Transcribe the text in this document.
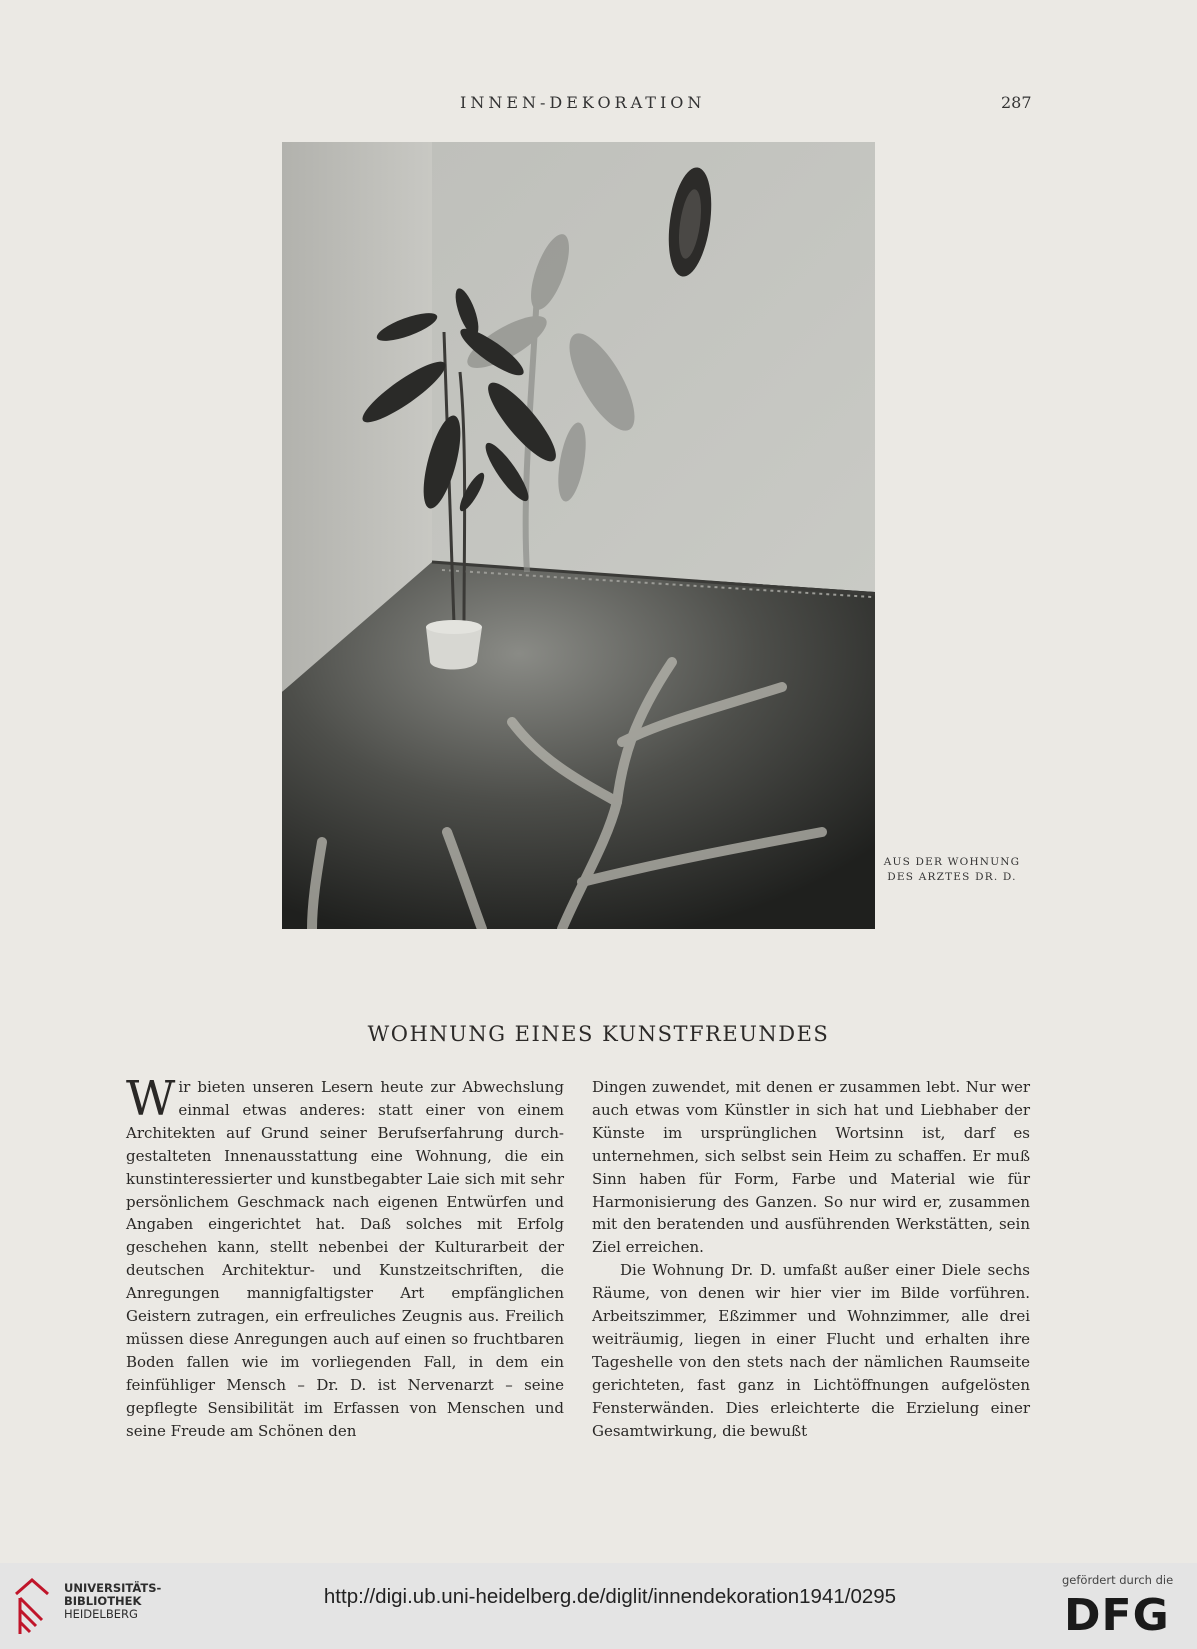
INNEN-DEKORATION	287
AUS DER WOHNUNG
DES ARZTES DR. D.
WOHNUNG EINES KUNSTFREUNDES

Wir bieten unseren Lesern heute zur Abwechslung einmal etwas anderes: statt einer von einem Architekten auf Grund seiner Berufserfahrung durchgestalteten Innenausstattung eine Wohnung, die ein kunstinteressierter und kunstbegabter Laie sich mit sehr persönlichem Geschmack nach eigenen Entwürfen und Angaben eingerichtet hat. Daß solches mit Erfolg geschehen kann, stellt nebenbei der Kulturarbeit der deutschen Architektur- und Kunstzeitschriften, die Anregungen mannigfaltigster Art empfänglichen Geistern zutragen, ein erfreuliches Zeugnis aus. Freilich müssen diese Anregungen auch auf einen so fruchtbaren Boden fallen wie im vorliegenden Fall, in dem ein feinfühliger Mensch – Dr. D. ist Nervenarzt – seine gepflegte Sensibilität im Erfassen von Menschen und seine Freude am Schönen den

Dingen zuwendet, mit denen er zusammen lebt. Nur wer auch etwas vom Künstler in sich hat und Liebhaber der Künste im ursprünglichen Wortsinn ist, darf es unternehmen, sich selbst sein Heim zu schaffen. Er muß Sinn haben für Form, Farbe und Material wie für Harmonisierung des Ganzen. So nur wird er, zusammen mit den beratenden und ausführenden Werkstätten, sein Ziel erreichen.

Die Wohnung Dr. D. umfaßt außer einer Diele sechs Räume, von denen wir hier vier im Bilde vorführen. Arbeitszimmer, Eßzimmer und Wohnzimmer, alle drei weiträumig, liegen in einer Flucht und erhalten ihre Tageshelle von den stets nach der nämlichen Raumseite gerichteten, fast ganz in Lichtöffnungen aufgelösten Fensterwänden. Dies erleichterte die Erzielung einer Gesamtwirkung, die bewußt

UNIVERSITÄTS-
BIBLIOTHEK
HEIDELBERG
http://digi.ub.uni-heidelberg.de/diglit/innendekoration1941/0295
gefördert durch die
DFG
